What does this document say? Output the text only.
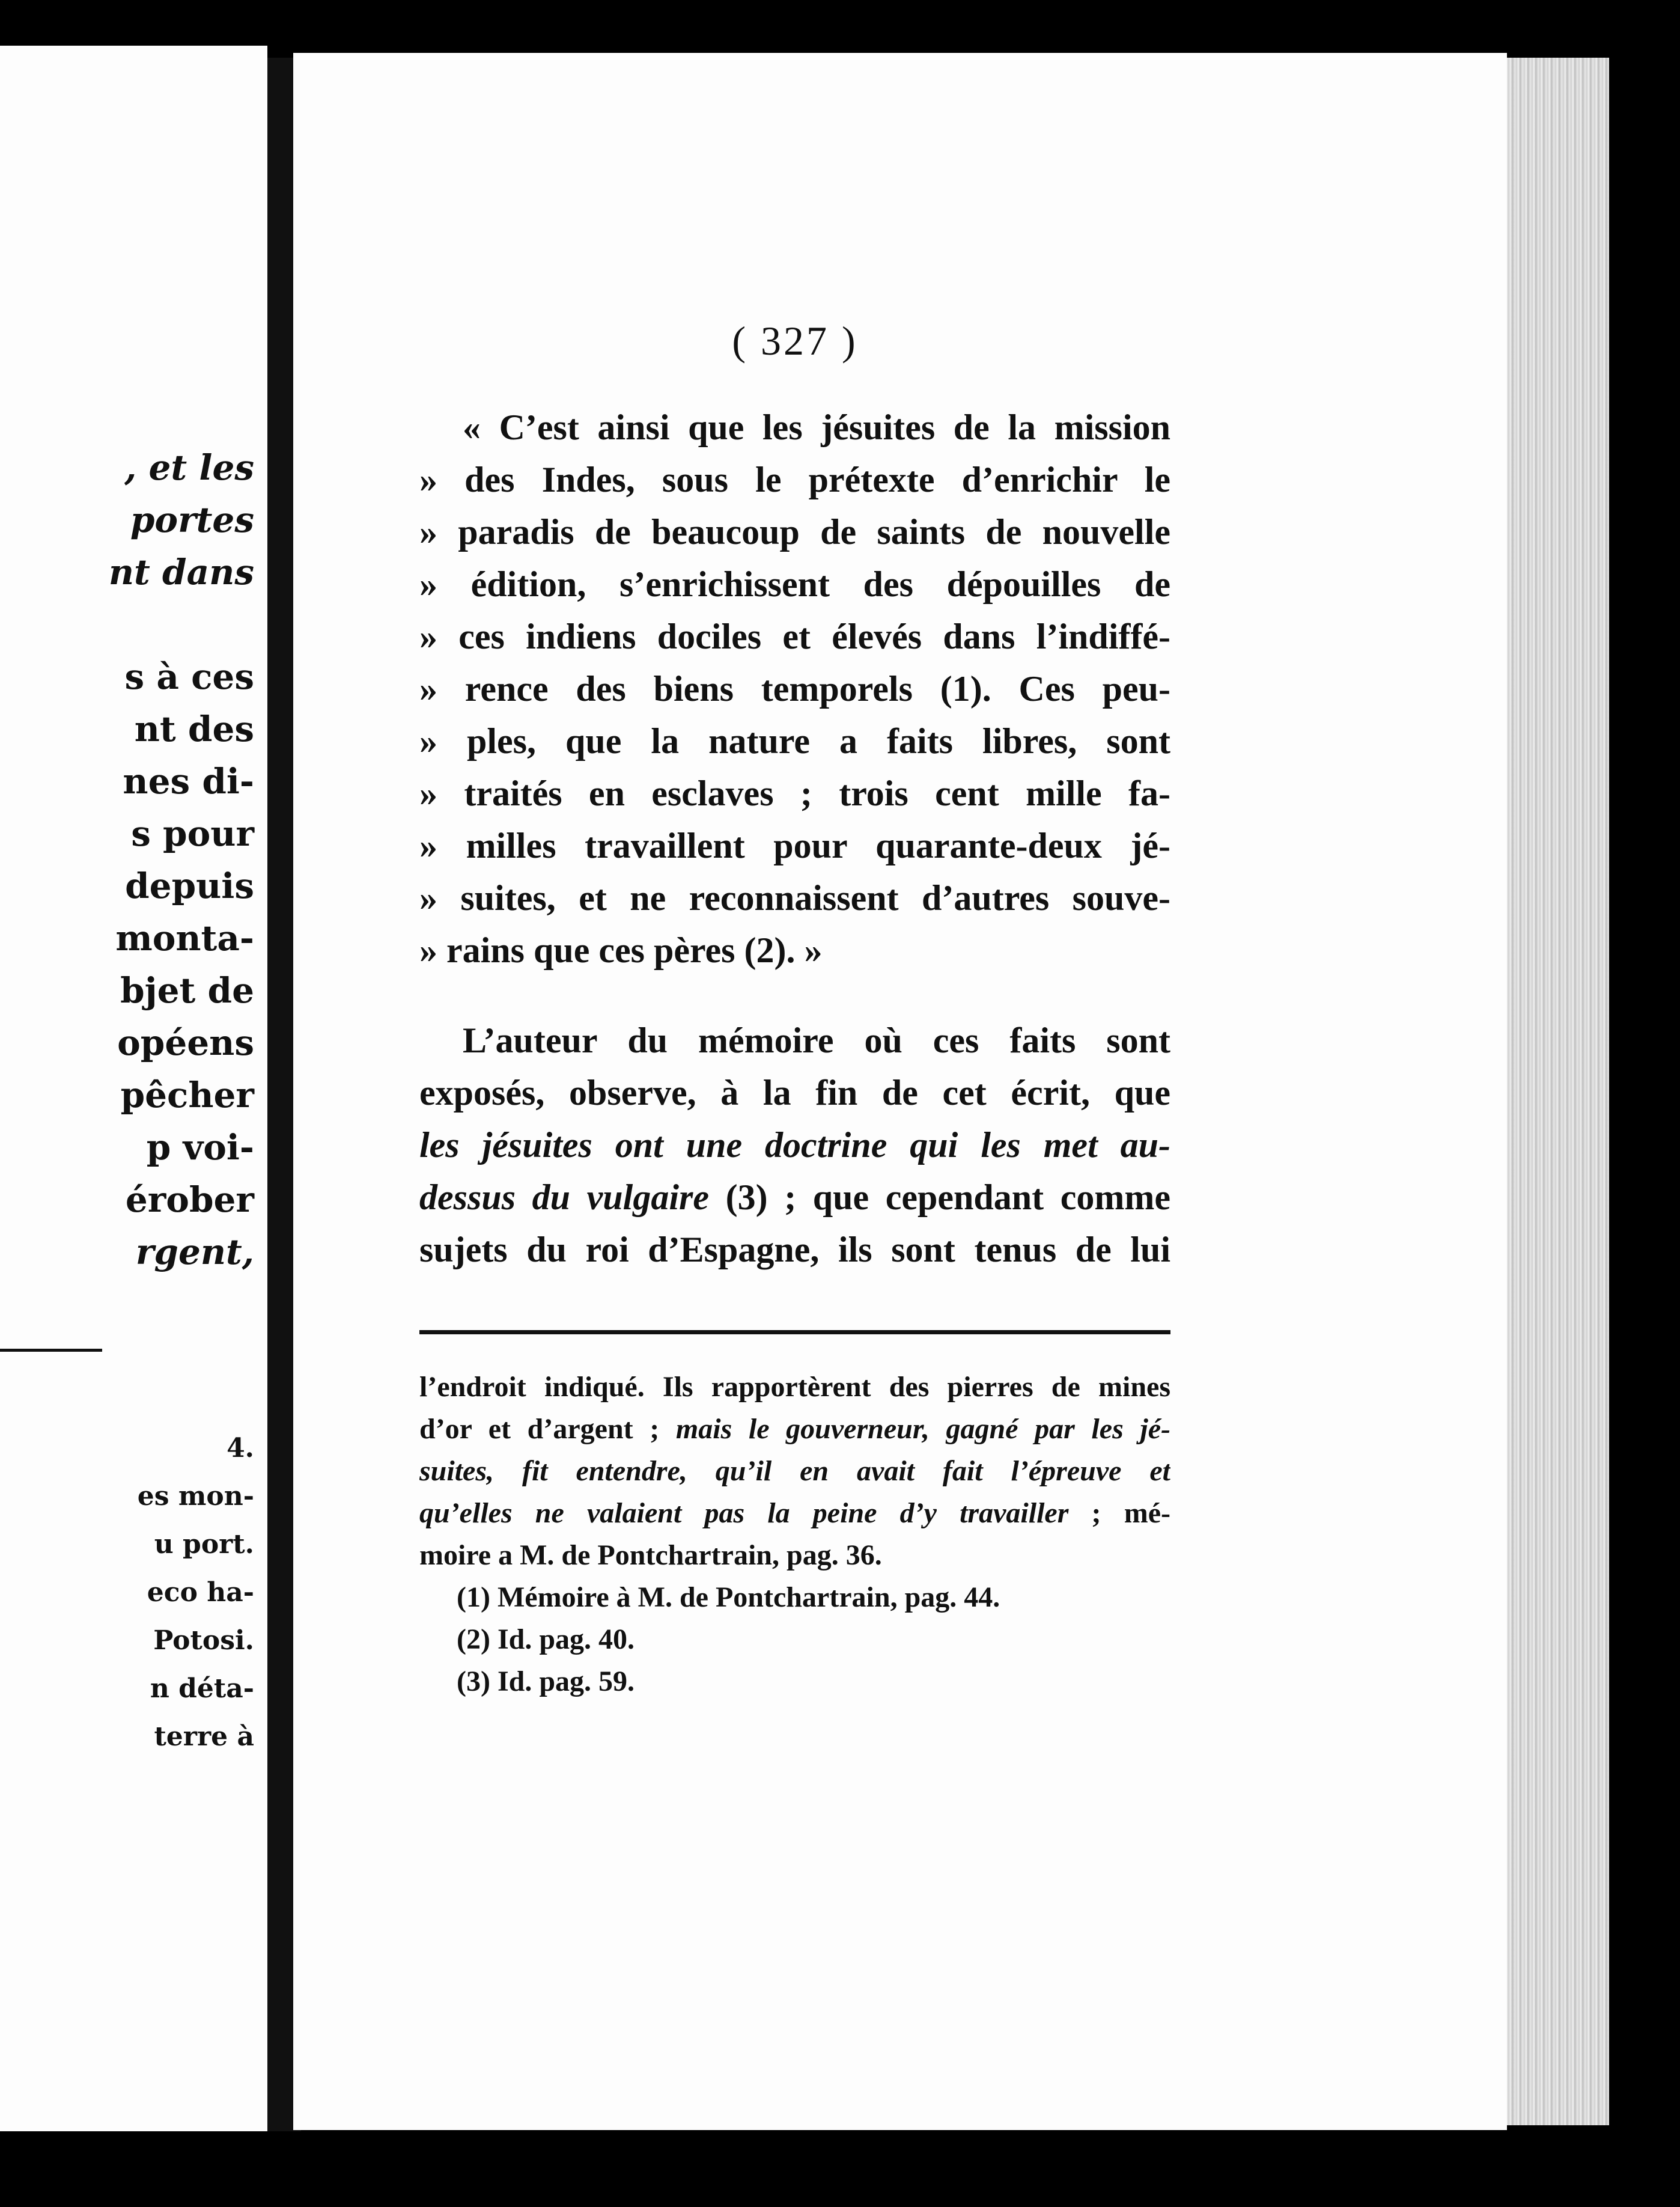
, et les

portes

nt dans

s à ces

nt des

nes di-

s pour

depuis

monta-

bjet de

opéens

pêcher

p voi-

érober

rgent,

4.

es mon-

u port.

eco ha-

Potosi.

n déta-

terre à

( 327 )

« C’est ainsi que les jésuites de la mission

» des Indes, sous le prétexte d’enrichir le

» paradis de beaucoup de saints de nouvelle

» édition, s’enrichissent des dépouilles de

» ces indiens dociles et élevés dans l’indiffé-

» rence des biens temporels (1). Ces peu-

» ples, que la nature a faits libres, sont

» traités en esclaves ; trois cent mille fa-

» milles travaillent pour quarante-deux jé-

» suites, et ne reconnaissent d’autres souve-

» rains que ces pères (2). »

L’auteur du mémoire où ces faits sont

exposés, observe, à la fin de cet écrit, que

les jésuites ont une doctrine qui les met au-

dessus du vulgaire (3) ; que cependant comme

sujets du roi d’Espagne, ils sont tenus de lui

l’endroit indiqué. Ils rapportèrent des pierres de mines

d’or et d’argent ; mais le gouverneur, gagné par les jé-

suites, fit entendre, qu’il en avait fait l’épreuve et

qu’elles ne valaient pas la peine d’y travailler ; mé-

moire a M. de Pontchartrain, pag. 36.

(1) Mémoire à M. de Pontchartrain, pag. 44.

(2) Id. pag. 40.

(3) Id. pag. 59.
